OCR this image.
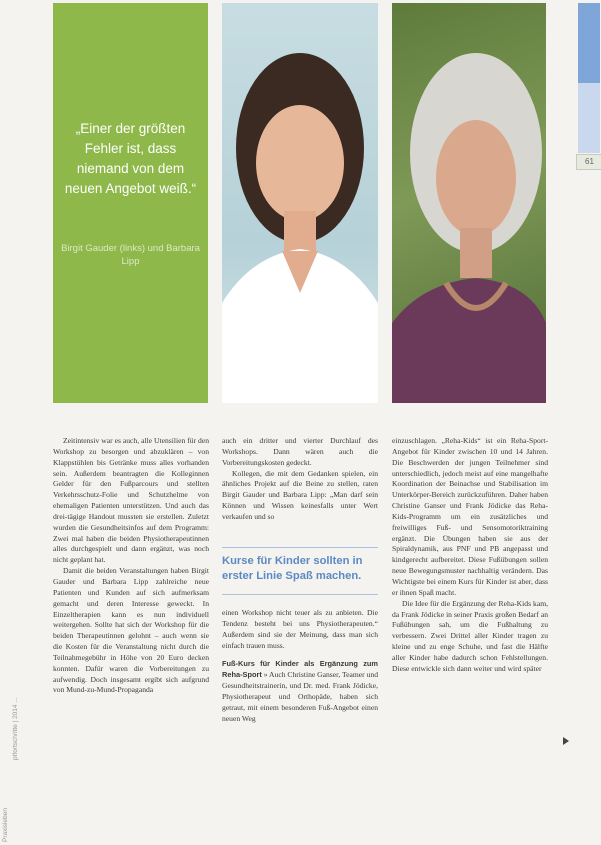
„Einer der größten Fehler ist, dass niemand von dem neuen Angebot weiß.“
Birgit Gauder (links) und Barbara Lipp
61
ptfortschritte | 2014 ...
Praxisleben

Zeitintensiv war es auch, alle Utensilien für den Workshop zu besorgen und abzuklären – von Klappstühlen bis Getränke muss alles vorhanden sein. Außerdem beantragten die Kolleginnen Gelder für den Fußparcours und stellten Verkehrsschutz-Folie und Schutzhelme von ehemaligen Patienten unterstützen. Und auch das drei-tägige Handout mussten sie erstellen. Zuletzt wurden die Gesundheitsinfos auf dem Programm: Zwei mal haben die beiden Physiotherapeutinnen alles durchgespielt und dann ergänzt, was noch nicht geplant hat.

Damit die beiden Veranstaltungen haben Birgit Gauder und Barbara Lipp zahlreiche neue Patienten und Kunden auf sich aufmerksam gemacht und deren Interesse geweckt. In Einzeltherapien kann es nun individuell weitergehen. Sollte hat sich der Workshop für die beiden Therapeutinnen gelohnt – auch wenn sie die Kosten für die Veranstaltung nicht durch die Teilnahmegebühr in Höhe von 20 Euro decken konnten. Dafür waren die Vorbereitungen zu aufwendig. Doch insgesamt ergibt sich aufgrund von Mund-zu-Mund-Propaganda

auch ein dritter und vierter Durchlauf des Workshops. Dann wären auch die Vorbereitungskosten gedeckt.

Kollegen, die mit dem Gedanken spielen, ein ähnliches Projekt auf die Beine zu stellen, raten Birgit Gauder und Barbara Lipp: „Man darf sein Können und Wissen keinesfalls unter Wert verkaufen und so

Kurse für Kinder sollten in erster Linie Spaß machen.

einen Workshop nicht teuer als zu anbieten. Die Tendenz besteht bei uns Physiotherapeuten.“ Außerdem sind sie der Meinung, dass man sich einfach trauen muss.

Fuß-Kurs für Kinder als Ergänzung zum Reha-Sport » Auch Christine Ganser, Teamer und Gesundheitstrainerin, und Dr. med. Frank Jödicke, Physiotherapeut und Orthopäde, haben sich getraut, mit einem besonderen Fuß-Angebot einen neuen Weg

einzuschlagen. „Reha-Kids“ ist ein Reha-Sport-Angebot für Kinder zwischen 10 und 14 Jahren. Die Beschwerden der jungen Teilnehmer sind unterschiedlich, jedoch meist auf eine mangelhafte Koordination der Beinachse und Stabilisation im Unterkörper-Bereich zurückzuführen. Daher haben Christine Ganser und Frank Jödicke das Reha-Kids-Programm um ein zusätzliches und freiwilliges Fuß- und Sensomotoriktraining ergänzt. Die Übungen haben sie aus der Spiraldynamik, aus PNF und PB angepasst und kindgerecht aufbereitet. Diese Fußübungen sollen neue Bewegungsmuster nachhaltig verändern. Das Wichtigste bei einem Kurs für Kinder ist aber, dass er ihnen Spaß macht.

Die Idee für die Ergänzung der Reha-Kids kam, da Frank Jödicke in seiner Praxis großen Bedarf an Fußübungen sah, um die Fußhaltung zu verbessern. Zwei Drittel aller Kinder tragen zu kleine und zu enge Schuhe, und fast die Hälfte aller Kinder habe dadurch schon Fehlstellungen. Diese entwickle sich dann weiter und wird später
